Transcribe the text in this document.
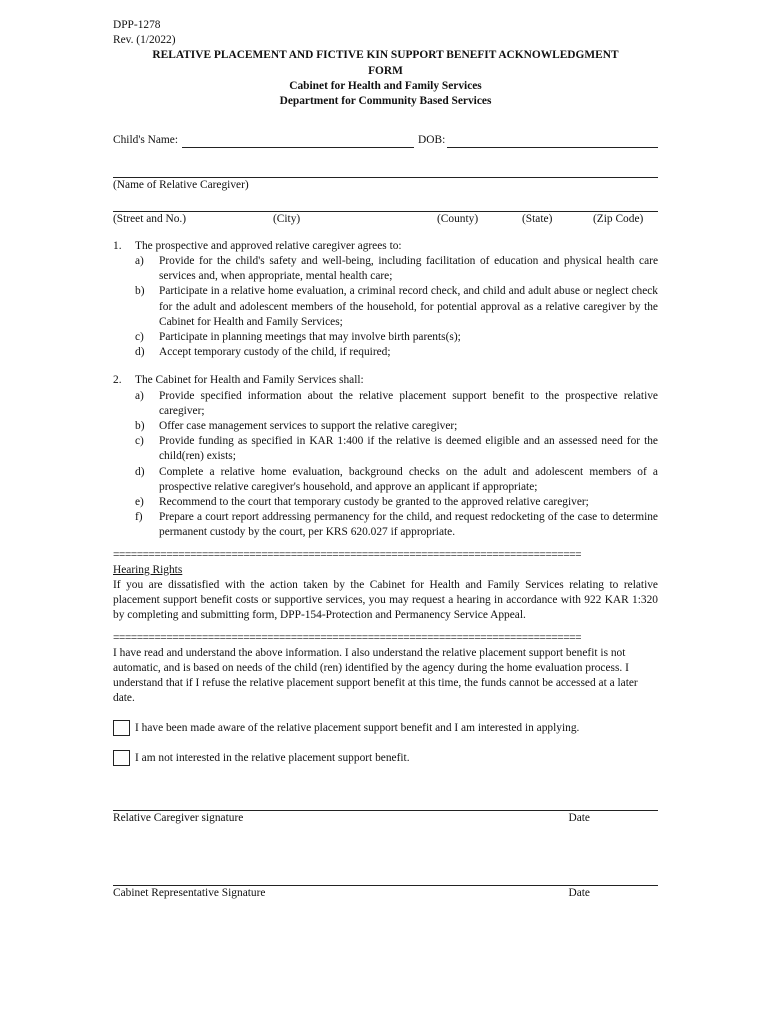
DPP-1278
Rev. (1/2022)
RELATIVE PLACEMENT AND FICTIVE KIN SUPPORT BENEFIT ACKNOWLEDGMENT
FORM
Cabinet for Health and Family Services
Department for Community Based Services
Child's Name:	DOB:
(Name of Relative Caregiver)
(Street and No.)	(City)	(County)	(State)	(Zip Code)
1.	The prospective and approved relative caregiver agrees to:
a)	Provide for the child's safety and well-being, including facilitation of education and physical health care services and, when appropriate, mental health care;
b)	Participate in a relative home evaluation, a criminal record check, and child and adult abuse or neglect check for the adult and adolescent members of the household, for potential approval as a relative caregiver by the Cabinet for Health and Family Services;
c)	Participate in planning meetings that may involve birth parents(s);
d)	Accept temporary custody of the child, if required;
2.	The Cabinet for Health and Family Services shall:
a)	Provide specified information about the relative placement support benefit to the prospective relative caregiver;
b)	Offer case management services to support the relative caregiver;
c)	Provide funding as specified in KAR 1:400 if the relative is deemed eligible and an assessed need for the child(ren) exists;
d)	Complete a relative home evaluation, background checks on the adult and adolescent members of a prospective relative caregiver's household, and approve an applicant if appropriate;
e)	Recommend to the court that temporary custody be granted to the approved relative caregiver;
f)	Prepare a court report addressing permanency for the child, and request redocketing of the case to determine permanent custody by the court, per KRS 620.027 if appropriate.
===============================================================================
Hearing Rights
If you are dissatisfied with the action taken by the Cabinet for Health and Family Services relating to relative placement support benefit costs or supportive services, you may request a hearing in accordance with 922 KAR 1:320 by completing and submitting form, DPP-154-Protection and Permanency Service Appeal.
===============================================================================
I have read and understand the above information. I also understand the relative placement support benefit is not automatic, and is based on needs of the child (ren) identified by the agency during the home evaluation process. I understand that if I refuse the relative placement support benefit at this time, the funds cannot be accessed at a later date.
I have been made aware of the relative placement support benefit and I am interested in applying.
I am not interested in the relative placement support benefit.
Relative Caregiver signature	Date
Cabinet Representative Signature	Date
